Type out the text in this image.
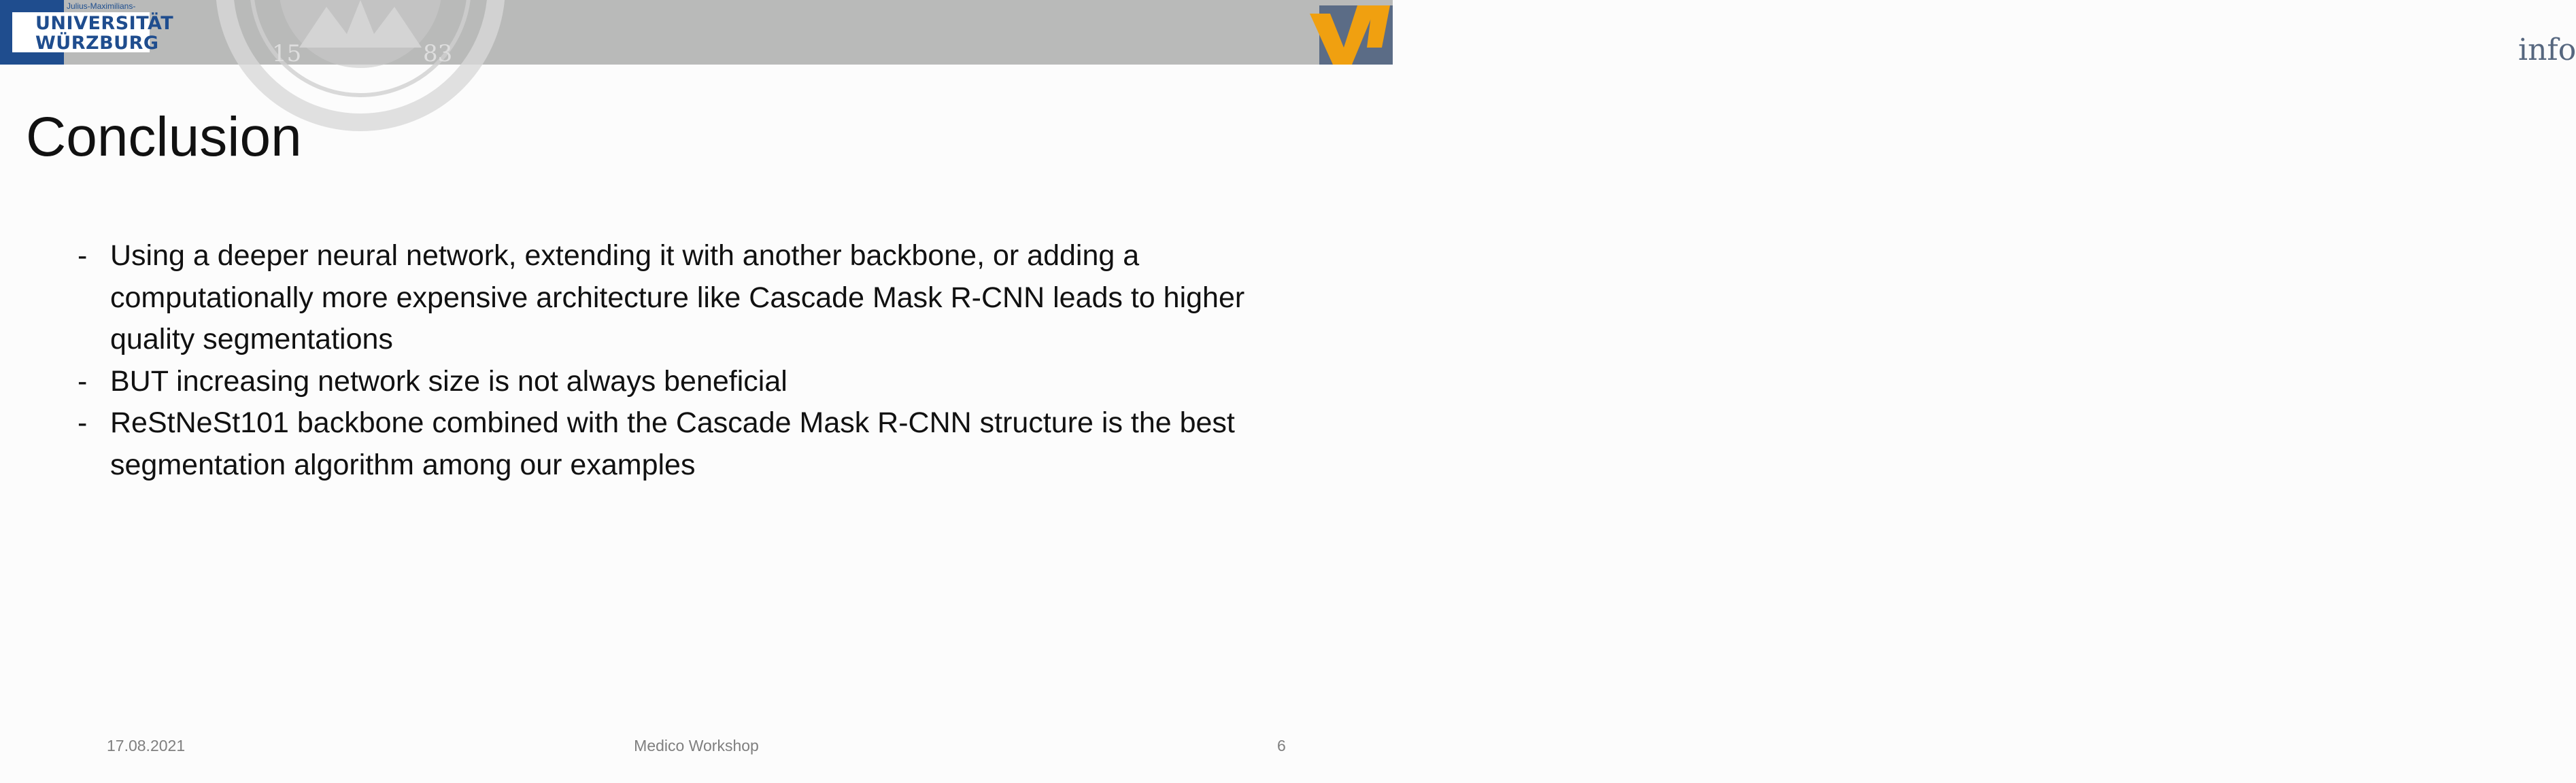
Julius-Maximilians-
UNIVERSITÄT
WÜRZBURG	15	83	info
Conclusion
- Using a deeper neural network, extending it with another backbone, or adding a computationally more expensive architecture like Cascade Mask R-CNN leads to higher quality segmentations
- BUT increasing network size is not always beneficial
- ReStNeSt101 backbone combined with the Cascade Mask R-CNN structure is the best segmentation algorithm among our examples
17.08.2021	Medico Workshop	6
